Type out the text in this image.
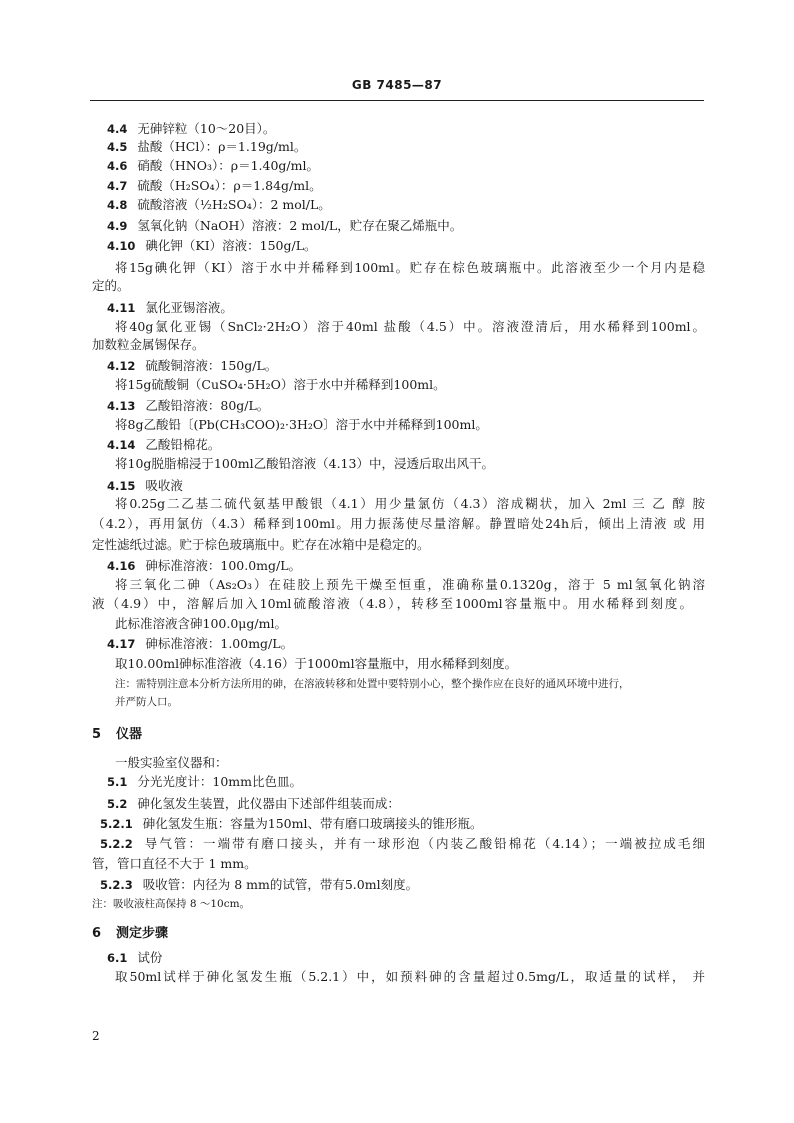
GB 7485—87
4.4 无砷锌粒（10～20目）。
4.5 盐酸（HCl）：ρ＝1.19g/ml。
4.6 硝酸（HNO₃）：ρ＝1.40g/ml。
4.7 硫酸（H₂SO₄）：ρ＝1.84g/ml。
4.8 硫酸溶液（½H₂SO₄）：2 mol/L。
4.9 氢氧化钠（NaOH）溶液：2 mol/L，贮存在聚乙烯瓶中。
4.10 碘化钾（KI）溶液：150g/L。
将15g碘化钾（KI）溶于水中并稀释到100ml。贮存在棕色玻璃瓶中。此溶液至少一个月内是稳
定的。
4.11 氯化亚锡溶液。
将40g氯化亚锡（SnCl₂·2H₂O）溶于40ml 盐酸（4.5）中。溶液澄清后，用水稀释到100ml。
加数粒金属锡保存。
4.12 硫酸铜溶液：150g/L。
将15g硫酸铜（CuSO₄·5H₂O）溶于水中并稀释到100ml。
4.13 乙酸铅溶液：80g/L。
将8g乙酸铅〔(Pb(CH₃COO)₂·3H₂O〕溶于水中并稀释到100ml。
4.14 乙酸铅棉花。
将10g脱脂棉浸于100ml乙酸铅溶液（4.13）中，浸透后取出风干。
4.15 吸收液
将0.25g二乙基二硫代氨基甲酸银（4.1）用少量氯仿（4.3）溶成糊状，加入 2ml 三 乙 醇 胺
（4.2），再用氯仿（4.3）稀释到100ml。用力振荡使尽量溶解。静置暗处24h后，倾出上清液 或 用
定性滤纸过滤。贮于棕色玻璃瓶中。贮存在冰箱中是稳定的。
4.16 砷标准溶液：100.0mg/L。
将三氧化二砷（As₂O₃）在硅胶上预先干燥至恒重，准确称量0.1320g，溶于 5 ml氢氧化钠溶
液（4.9）中，溶解后加入10ml硫酸溶液（4.8），转移至1000ml容量瓶中。用水稀释到刻度。
此标准溶液含砷100.0μg/ml。
4.17 砷标准溶液：1.00mg/L。
取10.00ml砷标准溶液（4.16）于1000ml容量瓶中，用水稀释到刻度。
注：需特别注意本分析方法所用的砷，在溶液转移和处置中要特别小心，整个操作应在良好的通风环境中进行，
并严防人口。
5 仪器
一般实验室仪器和：
5.1 分光光度计：10mm比色皿。
5.2 砷化氢发生装置，此仪器由下述部件组装而成：
5.2.1 砷化氢发生瓶：容量为150ml、带有磨口玻璃接头的锥形瓶。
5.2.2 导气管：一端带有磨口接头，并有一球形泡（内装乙酸铅棉花（4.14）；一端被拉成毛细
管，管口直径不大于 1 mm。
5.2.3 吸收管：内径为 8 mm的试管，带有5.0ml刻度。
注：吸收液柱高保持 8 ～10cm。
6 测定步骤
6.1 试份
取50ml试样于砷化氢发生瓶（5.2.1）中，如预料砷的含量超过0.5mg/L，取适量的试样， 并
2
